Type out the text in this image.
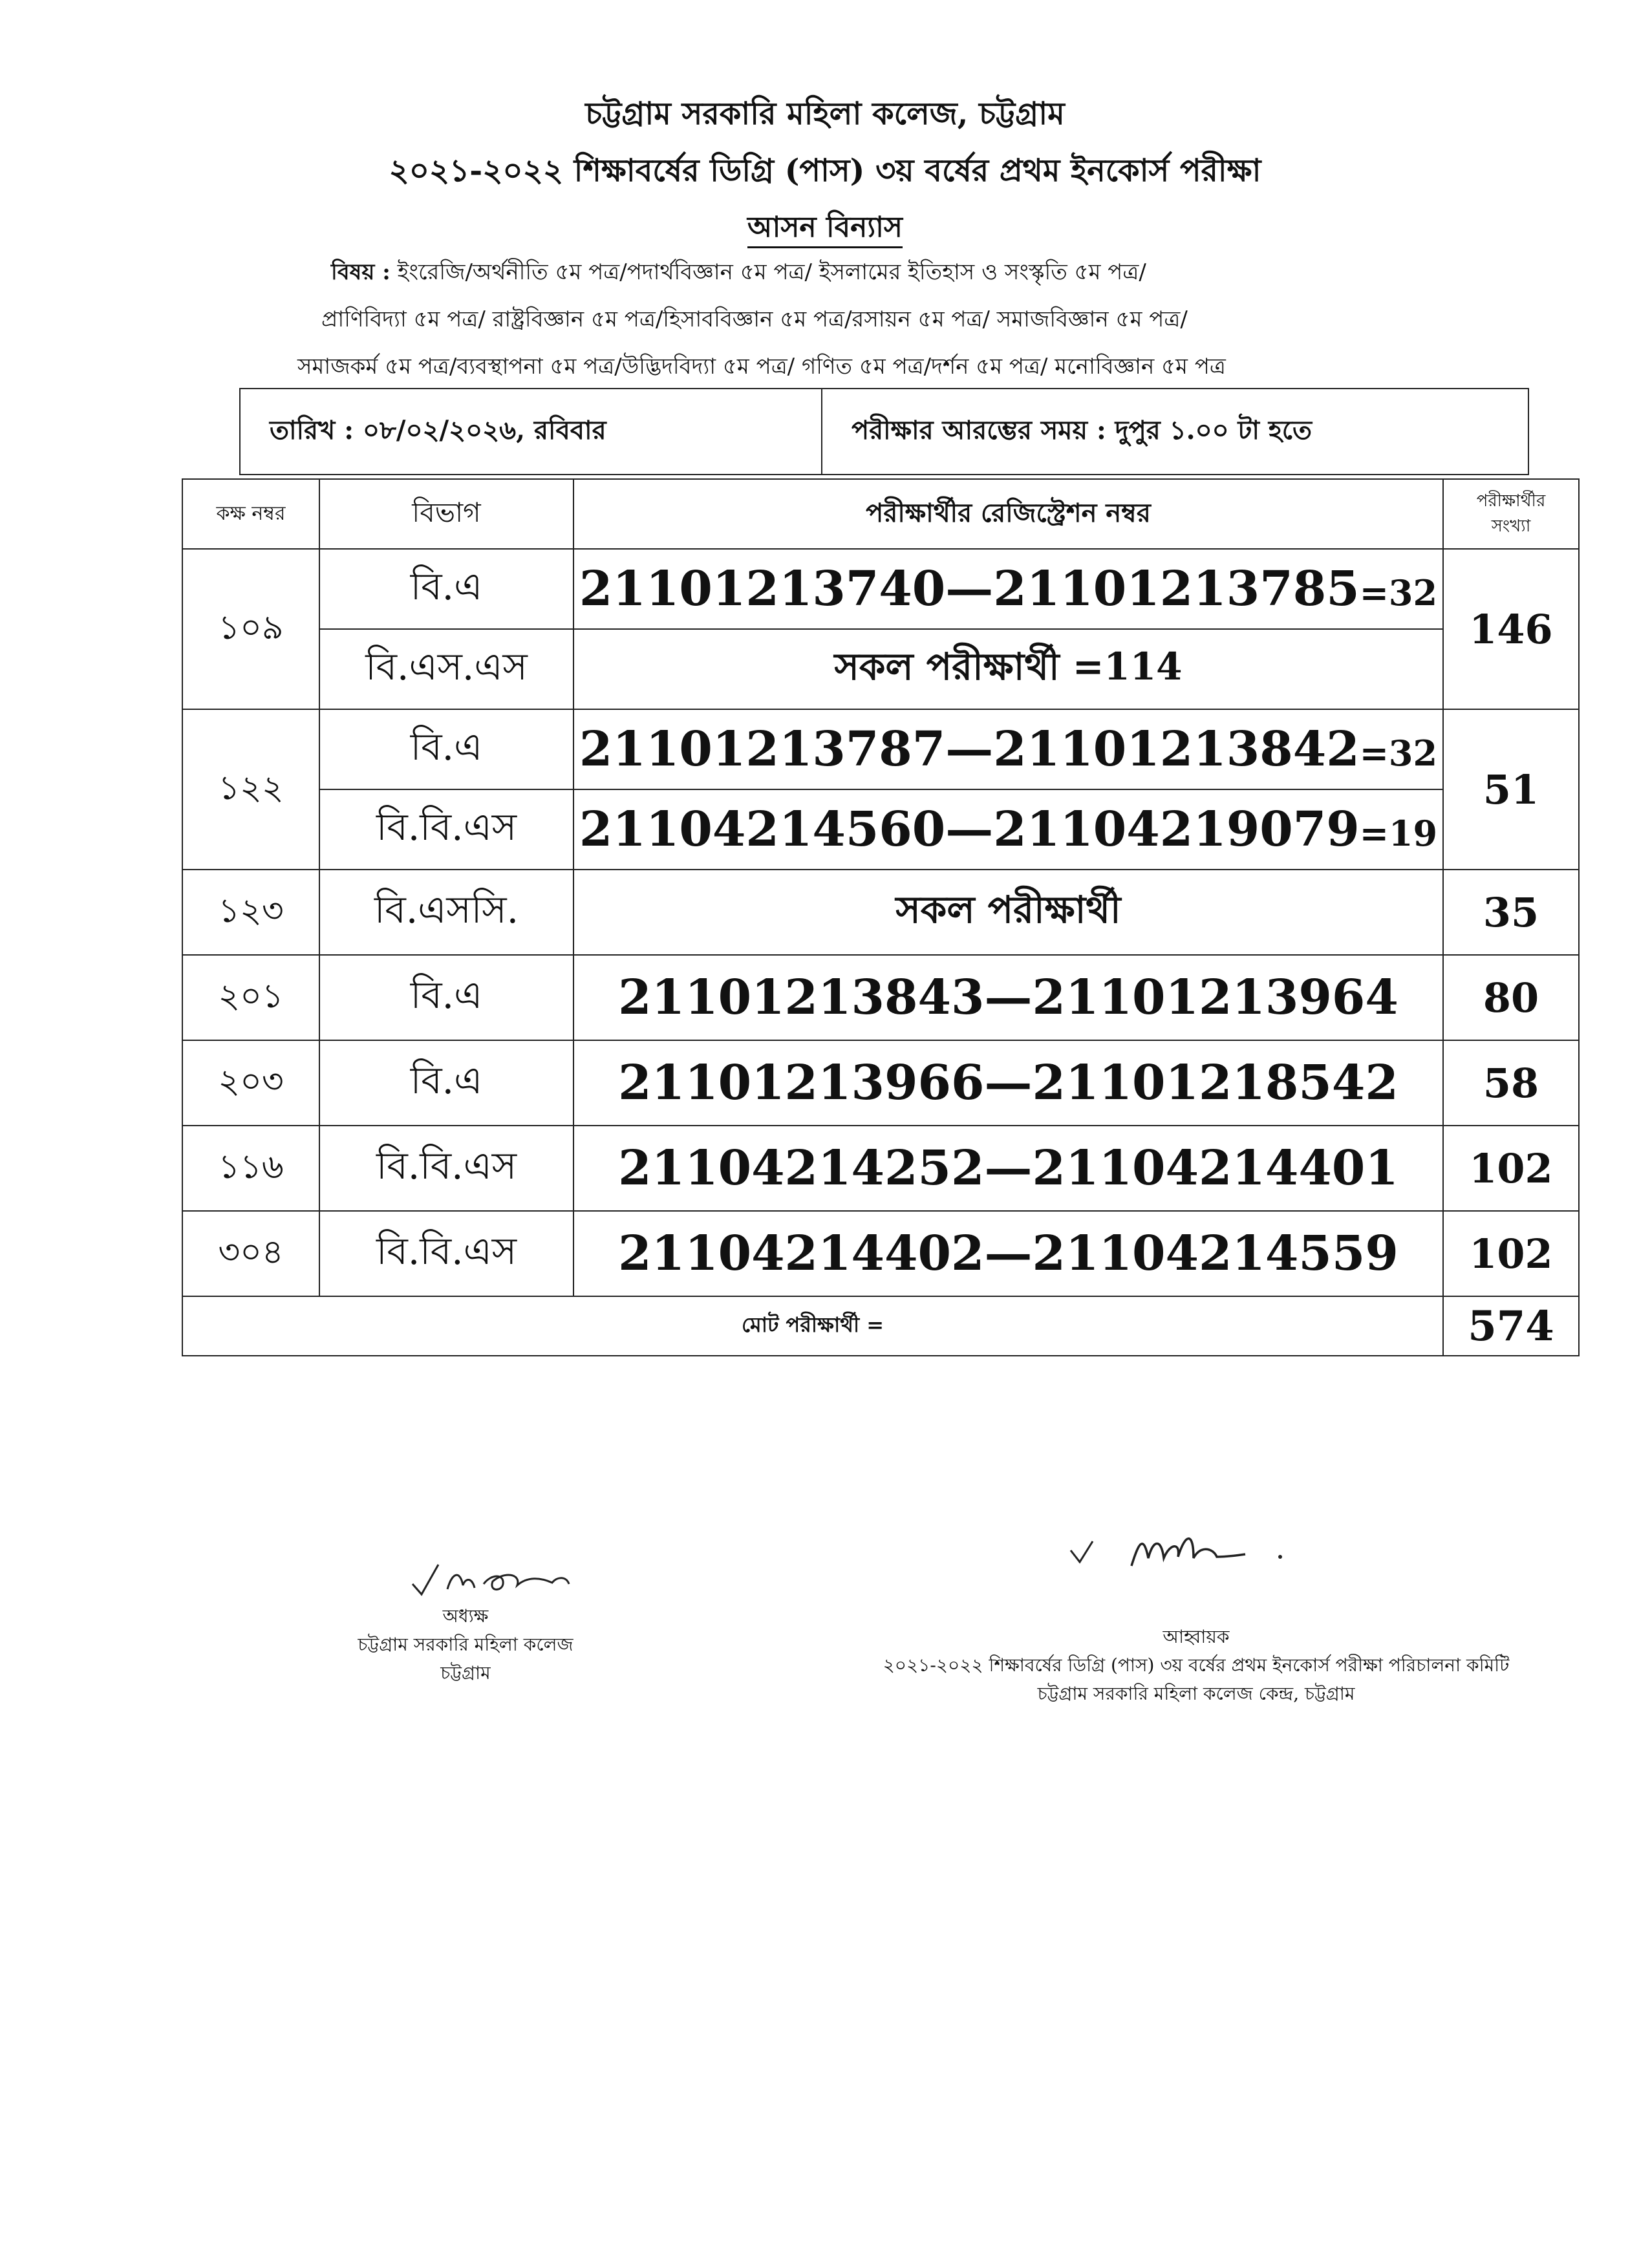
চট্টগ্রাম সরকারি মহিলা কলেজ, চট্টগ্রাম
২০২১-২০২২ শিক্ষাবর্ষের ডিগ্রি (পাস) ৩য় বর্ষের প্রথম ইনকোর্স পরীক্ষা
আসন বিন্যাস
বিষয় : ইংরেজি/অর্থনীতি ৫ম পত্র/পদার্থবিজ্ঞান ৫ম পত্র/ ইসলামের ইতিহাস ও সংস্কৃতি ৫ম পত্র/
প্রাণিবিদ্যা ৫ম পত্র/ রাষ্ট্রবিজ্ঞান ৫ম পত্র/হিসাববিজ্ঞান ৫ম পত্র/রসায়ন ৫ম পত্র/ সমাজবিজ্ঞান ৫ম পত্র/
সমাজকর্ম ৫ম পত্র/ব্যবস্থাপনা ৫ম পত্র/উদ্ভিদবিদ্যা ৫ম পত্র/ গণিত ৫ম পত্র/দর্শন ৫ম পত্র/ মনোবিজ্ঞান ৫ম পত্র
তারিখ : ০৮/০২/২০২৬, রবিবার	পরীক্ষার আরম্ভের সময় : দুপুর ১.০০ টা হতে
কক্ষ নম্বর	বিভাগ	পরীক্ষার্থীর রেজিস্ট্রেশন নম্বর	পরীক্ষার্থীর
সংখ্যা
১০৯	বি.এ	21101213740—21101213785=32	146
	বি.এস.এস	সকল পরীক্ষার্থী =114	
১২২	বি.এ	21101213787—21101213842=32	51
	বি.বি.এস	21104214560—21104219079=19	
১২৩	বি.এসসি.	সকল পরীক্ষার্থী	35
২০১	বি.এ	21101213843—21101213964	80
২০৩	বি.এ	21101213966—21101218542	58
১১৬	বি.বি.এস	21104214252—21104214401	102
৩০৪	বি.বি.এস	21104214402—21104214559	102
মোট পরীক্ষার্থী =			574
অধ্যক্ষ
চট্টগ্রাম সরকারি মহিলা কলেজ
চট্টগ্রাম
আহ্বায়ক
২০২১-২০২২ শিক্ষাবর্ষের ডিগ্রি (পাস) ৩য় বর্ষের প্রথম ইনকোর্স পরীক্ষা পরিচালনা কমিটি
চট্টগ্রাম সরকারি মহিলা কলেজ কেন্দ্র, চট্টগ্রাম
